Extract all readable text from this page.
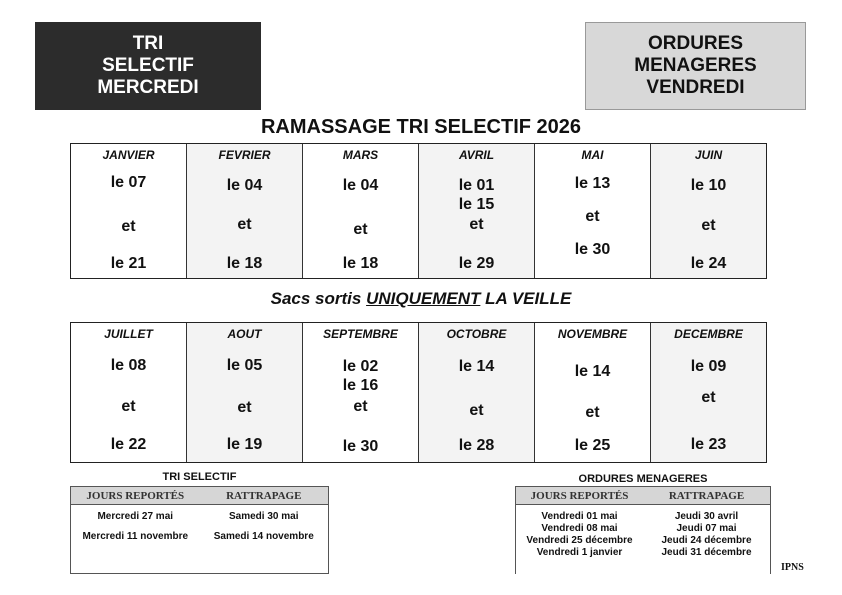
TRI
SELECTIF
MERCREDI
ORDURES
MENAGERES
VENDREDI
RAMASSAGE TRI SELECTIF 2026
JANVIER
le 07
et
le 21
FEVRIER
le 04
et
le 18
MARS
le 04
et
le 18
AVRIL
le 01
le 15
et
le 29
MAI
le 13
et
le 30
JUIN
le 10
et
le 24
Sacs sortis UNIQUEMENT LA VEILLE
JUILLET
le 08
et
le 22
AOUT
le 05
et
le 19
SEPTEMBRE
le 02
le 16
et
le 30
OCTOBRE
le 14
et
le 28
NOVEMBRE
le 14
et
le 25
DECEMBRE
le 09
et
le 23
TRI SELECTIF
JOURS REPORTÉS	RATTRAPAGE
Mercredi 27 mai	Samedi 30 mai
Mercredi 11 novembre	Samedi 14 novembre
ORDURES MENAGERES
JOURS REPORTÉS	RATTRAPAGE
Vendredi 01 mai	Jeudi 30 avril
Vendredi 08 mai	Jeudi 07 mai
Vendredi 25 décembre	Jeudi 24 décembre
Vendredi 1 janvier	Jeudi 31 décembre
IPNS
